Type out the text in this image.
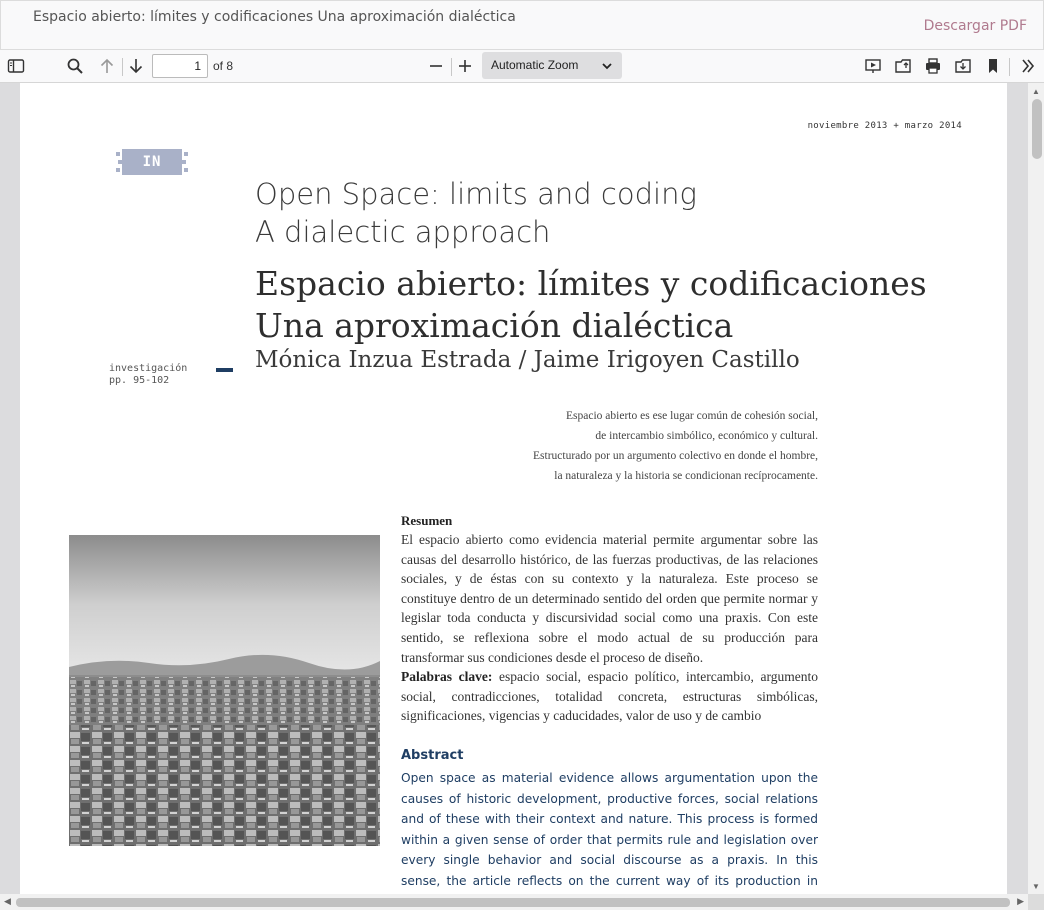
Espacio abierto: límites y codificaciones Una aproximación dialéctica
Descargar PDF
1
of 8	Automatic Zoom
noviembre 2013 + marzo 2014
IN
Open Space: limits and coding
A dialectic approach
Espacio abierto: límites y codificaciones
Una aproximación dialéctica
investigación
pp. 95-102
Mónica Inzua Estrada / Jaime Irigoyen Castillo
Espacio abierto es ese lugar común de cohesión social,
de intercambio simbólico, económico y cultural.
Estructurado por un argumento colectivo en donde el hombre,
la naturaleza y la historia se condicionan recíprocamente.
Resumen
El espacio abierto como evidencia material permite argumentar sobre las causas del desarrollo histórico, de las fuerzas productivas, de las relaciones sociales, y de éstas con su contexto y la naturaleza. Este proceso se constituye dentro de un determinado sentido del orden que permite normar y legislar toda conducta y discursividad social como una praxis. Con este sentido, se reflexiona sobre el modo actual de su producción para transformar sus condiciones desde el proceso de diseño.
Palabras clave: espacio social, espacio político, intercambio, argumento social, contradicciones, totalidad concreta, estructuras simbólicas, significaciones, vigencias y caducidades, valor de uso y de cambio
Abstract
Open space as material evidence allows argumentation upon the causes of historic development, productive forces, social relations and of these with their context and nature. This process is formed within a given sense of order that permits rule and legislation over every single behavior and social discourse as a praxis. In this sense, the article reflects on the current way of its production in
▲
▼
◀	▶
